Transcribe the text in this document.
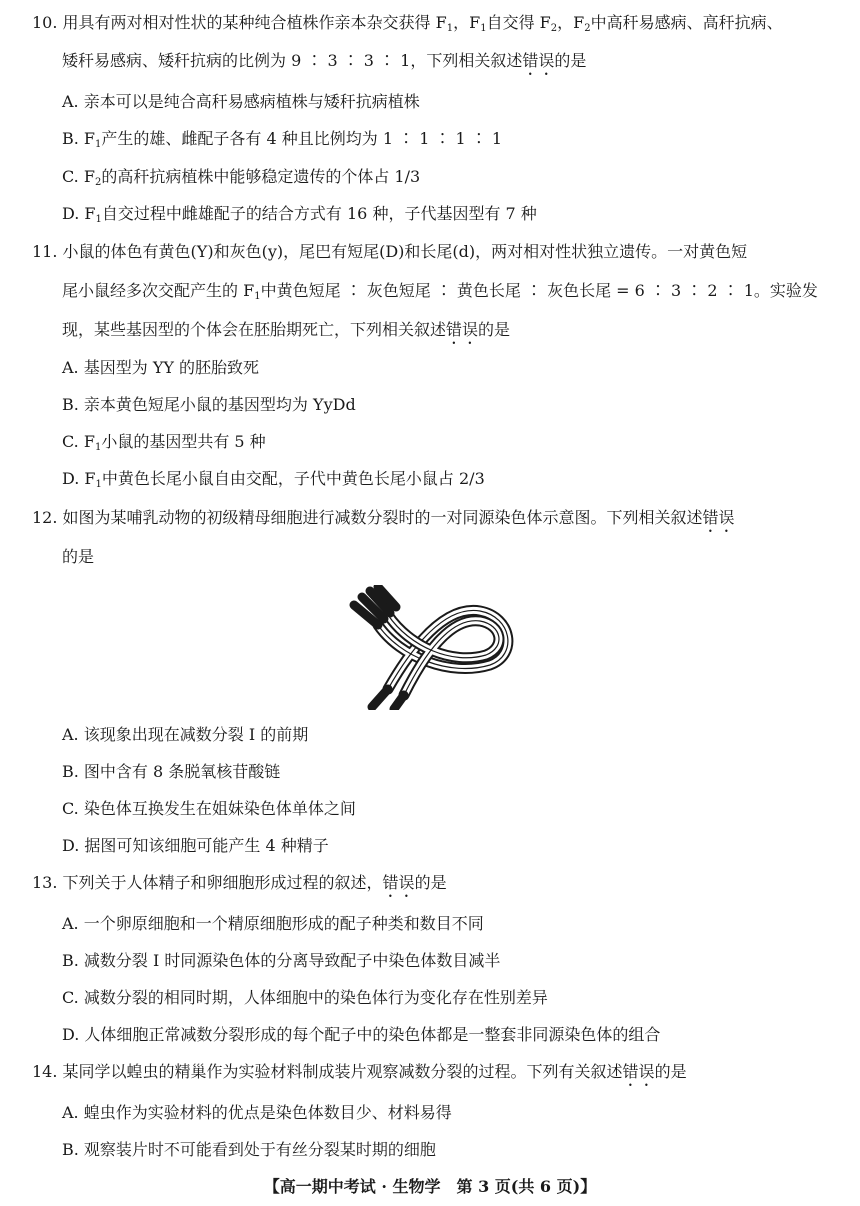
10. 用具有两对相对性状的某种纯合植株作亲本杂交获得 $F_1$，$F_1$自交得 $F_2$，$F_2$中高秆易感病、高秆抗病、
矮秆易感病、矮秆抗病的比例为 9 ∶ 3 ∶ 3 ∶ 1，下列相关叙述错误的是
A. 亲本可以是纯合高秆易感病植株与矮秆抗病植株
B. $F_1$产生的雄、雌配子各有 4 种且比例均为 1 ∶ 1 ∶ 1 ∶ 1
C. $F_2$的高秆抗病植株中能够稳定遗传的个体占 1/3
D. $F_1$自交过程中雌雄配子的结合方式有 16 种，子代基因型有 7 种
11. 小鼠的体色有黄色(Y)和灰色(y)，尾巴有短尾(D)和长尾(d)，两对相对性状独立遗传。一对黄色短
尾小鼠经多次交配产生的 $F_1$中黄色短尾 ∶ 灰色短尾 ∶ 黄色长尾 ∶ 灰色长尾 = 6 ∶ 3 ∶ 2 ∶ 1。实验发
现，某些基因型的个体会在胚胎期死亡，下列相关叙述错误的是
A. 基因型为 YY 的胚胎致死
B. 亲本黄色短尾小鼠的基因型均为 YyDd
C. $F_1$小鼠的基因型共有 5 种
D. $F_1$中黄色长尾小鼠自由交配，子代中黄色长尾小鼠占 2/3
12. 如图为某哺乳动物的初级精母细胞进行减数分裂时的一对同源染色体示意图。下列相关叙述错误
的是
A. 该现象出现在减数分裂 Ⅰ 的前期
B. 图中含有 8 条脱氧核苷酸链
C. 染色体互换发生在姐妹染色体单体之间
D. 据图可知该细胞可能产生 4 种精子
13. 下列关于人体精子和卵细胞形成过程的叙述，错误的是
A. 一个卵原细胞和一个精原细胞形成的配子种类和数目不同
B. 减数分裂 Ⅰ 时同源染色体的分离导致配子中染色体数目减半
C. 减数分裂的相同时期，人体细胞中的染色体行为变化存在性别差异
D. 人体细胞正常减数分裂形成的每个配子中的染色体都是一整套非同源染色体的组合
14. 某同学以蝗虫的精巢作为实验材料制成装片观察减数分裂的过程。下列有关叙述错误的是
A. 蝗虫作为实验材料的优点是染色体数目少、材料易得
B. 观察装片时不可能看到处于有丝分裂某时期的细胞
【高一期中考试 · 生物学　第 3 页(共 6 页)】
